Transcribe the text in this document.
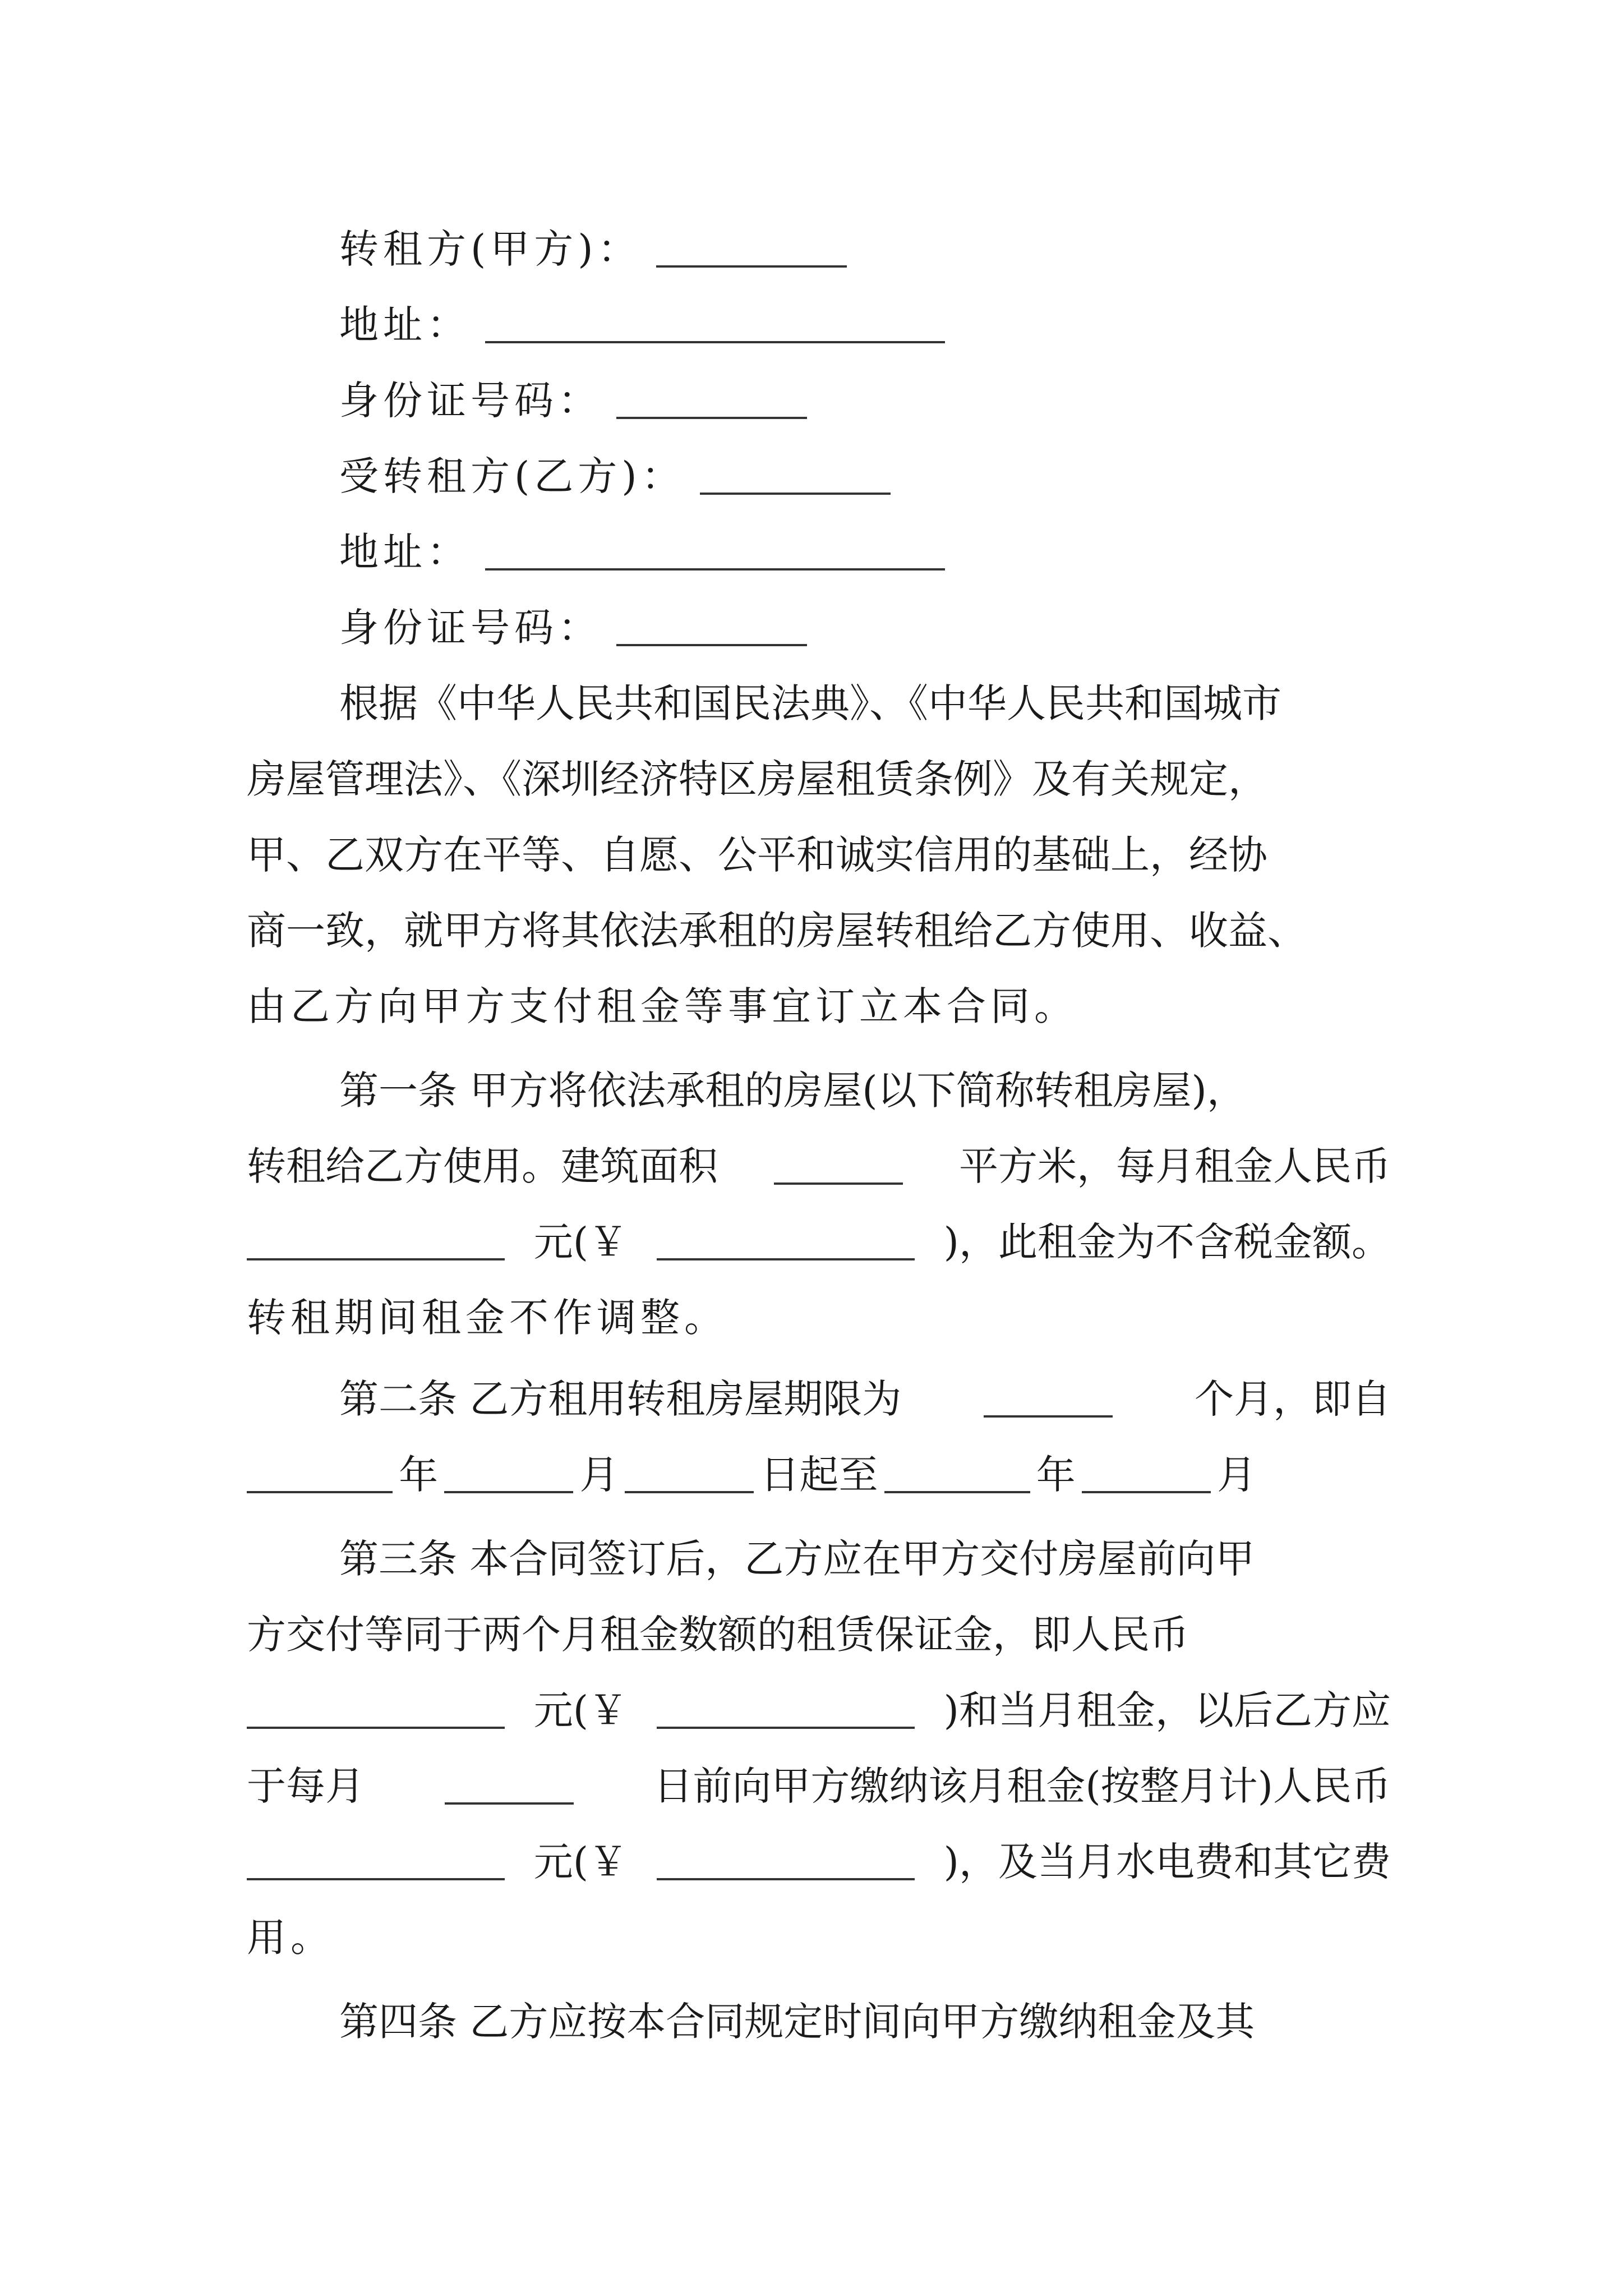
转租方(甲方)：
地址：
身份证号码：
受转租方(乙方)：
地址：
身份证号码：
根据《中华人民共和国民法典》、《中华人民共和国城市
房屋管理法》、《深圳经济特区房屋租赁条例》及有关规定，
甲、乙双方在平等、自愿、公平和诚实信用的基础上，经协
商一致，就甲方将其依法承租的房屋转租给乙方使用、收益、
由乙方向甲方支付租金等事宜订立本合同。
第一条 甲方将依法承租的房屋(以下简称转租房屋)，
转租给乙方使用。建筑面积	平方米，每月租金人民币
元(￥	)，此租金为不含税金额。
转租期间租金不作调整。
第二条 乙方租用转租房屋期限为	个月，即自
年	月	日起至	年	月
第三条 本合同签订后，乙方应在甲方交付房屋前向甲
方交付等同于两个月租金数额的租赁保证金，即人民币
元(￥	)和当月租金，以后乙方应
于每月	日前向甲方缴纳该月租金(按整月计)人民币
元(￥	)，及当月水电费和其它费
用。
第四条 乙方应按本合同规定时间向甲方缴纳租金及其
